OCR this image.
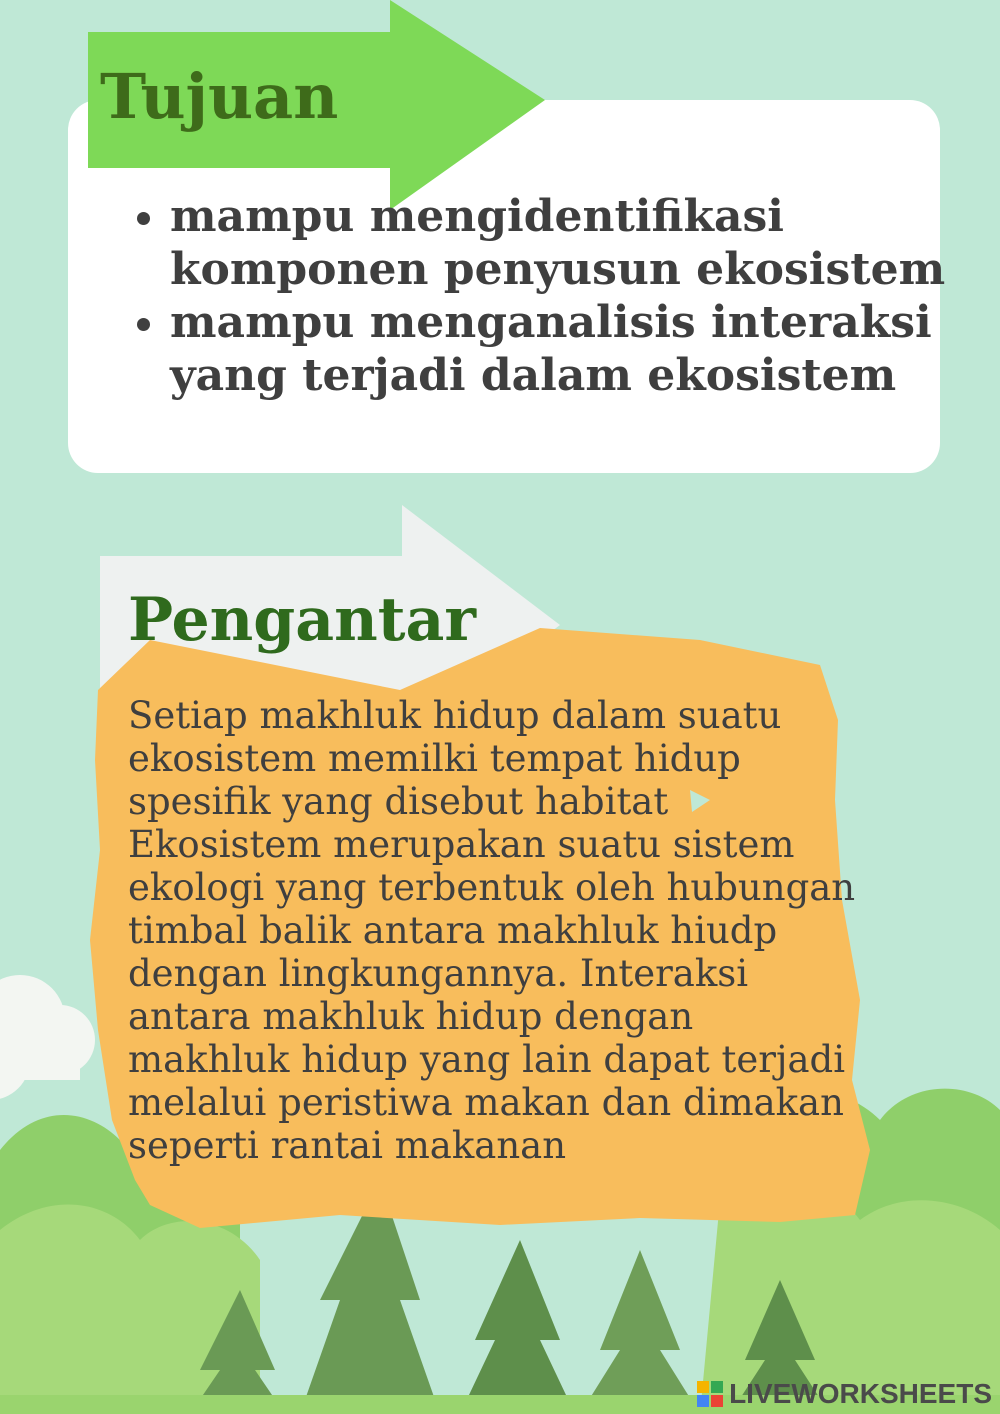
Tujuan
• mampu mengidentifikasi komponen penyusun ekosistem
• mampu menganalisis interaksi yang terjadi dalam ekosistem
Pengantar

Setiap makhluk hidup dalam suatu
ekosistem memilki tempat hidup
spesifik yang disebut habitat
Ekosistem merupakan suatu sistem
ekologi yang terbentuk oleh hubungan
timbal balik antara makhluk hiudp
dengan lingkungannya. Interaksi
antara makhluk hidup dengan
makhluk hidup yang lain dapat terjadi
melalui peristiwa makan dan dimakan
seperti rantai makanan

LIVEWORKSHEETS
